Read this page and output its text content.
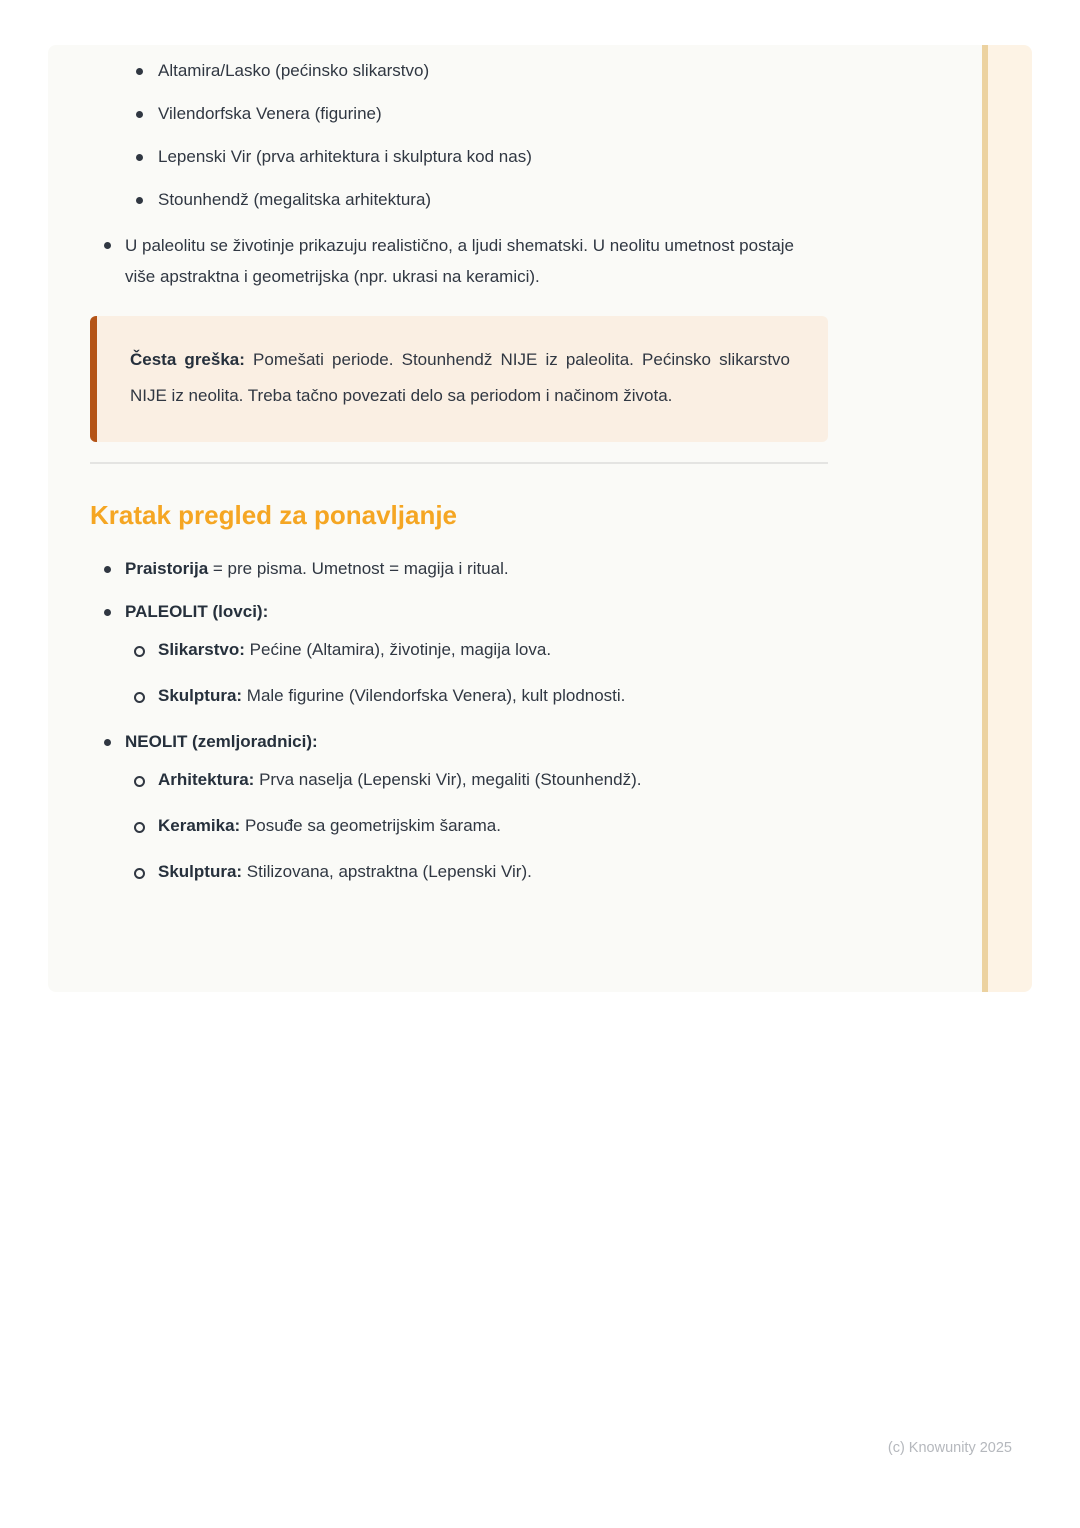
Altamira/Lasko (pećinsko slikarstvo)
Vilendorfska Venera (figurine)
Lepenski Vir (prva arhitektura i skulptura kod nas)
Stounhendž (megalitska arhitektura)
U paleolitu se životinje prikazuju realistično, a ljudi shematski. U neolitu umetnost postaje više apstraktna i geometrijska (npr. ukrasi na keramici).

Česta greška: Pomešati periode. Stounhendž NIJE iz paleolita. Pećinsko slikarstvo NIJE iz neolita. Treba tačno povezati delo sa periodom i načinom života.

Kratak pregled za ponavljanje
Praistorija = pre pisma. Umetnost = magija i ritual.
PALEOLIT (lovci):
Slikarstvo: Pećine (Altamira), životinje, magija lova.
Skulptura: Male figurine (Vilendorfska Venera), kult plodnosti.
NEOLIT (zemljoradnici):
Arhitektura: Prva naselja (Lepenski Vir), megaliti (Stounhendž).
Keramika: Posuđe sa geometrijskim šarama.
Skulptura: Stilizovana, apstraktna (Lepenski Vir).
(c) Knowunity 2025
